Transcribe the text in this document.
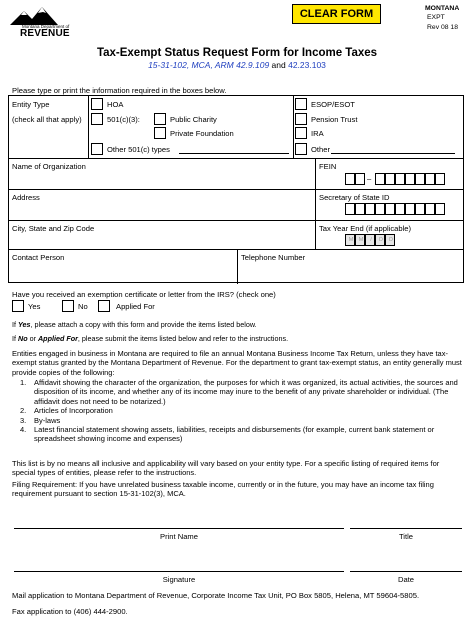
Montana Department of
REVENUE
CLEAR FORM	MONTANA
EXPT
Rev 08 18
Tax-Exempt Status Request Form for Income Taxes
15-31-102, MCA, ARM 42.9.109 and 42.23.103
Please type or print the information required in the boxes below.
Entity Type
(check all that apply)
HOA
501(c)(3):	Public Charity
Private Foundation
Other 501(c) types
ESOP/ESOT
Pension Trust
IRA
Other
Name of Organization	FEIN
–
Address	Secretary of State ID
City, State and Zip Code	Tax Year End (if applicable)
M M	/	D	D
Contact Person	Telephone Number
Have you received an exemption certificate or letter from the IRS? (check one)
Yes	No	Applied For
If Yes, please attach a copy with this form and provide the items listed below.
If No or Applied For, please submit the items listed below and refer to the instructions.
Entities engaged in business in Montana are required to file an annual Montana Business Income Tax Return, unless they have tax-exempt status granted by the Montana Department of Revenue. For the department to grant tax-exempt status, an entity generally must provide copies of the following:
1.	Affidavit showing the character of the organization, the purposes for which it was organized, its actual activities, the sources and disposition of its income, and whether any of its income may inure to the benefit of any private shareholder or individual. (The affidavit does not need to be notarized.)
2.	Articles of Incorporation
3.	By-laws
4.	Latest financial statement showing assets, liabilities, receipts and disbursements (for example, current bank statement or spreadsheet showing income and expenses)
This list is by no means all inclusive and applicability will vary based on your entity type. For a specific listing of required items for special types of entities, please refer to the instructions.
Filing Requirement: If you have unrelated business taxable income, currently or in the future, you may have an income tax filing requirement pursuant to section 15-31-102(3), MCA.
Print Name	Title
Signature	Date
Mail application to Montana Department of Revenue, Corporate Income Tax Unit, PO Box 5805, Helena, MT 59604-5805.
Fax application to (406) 444-2900.
